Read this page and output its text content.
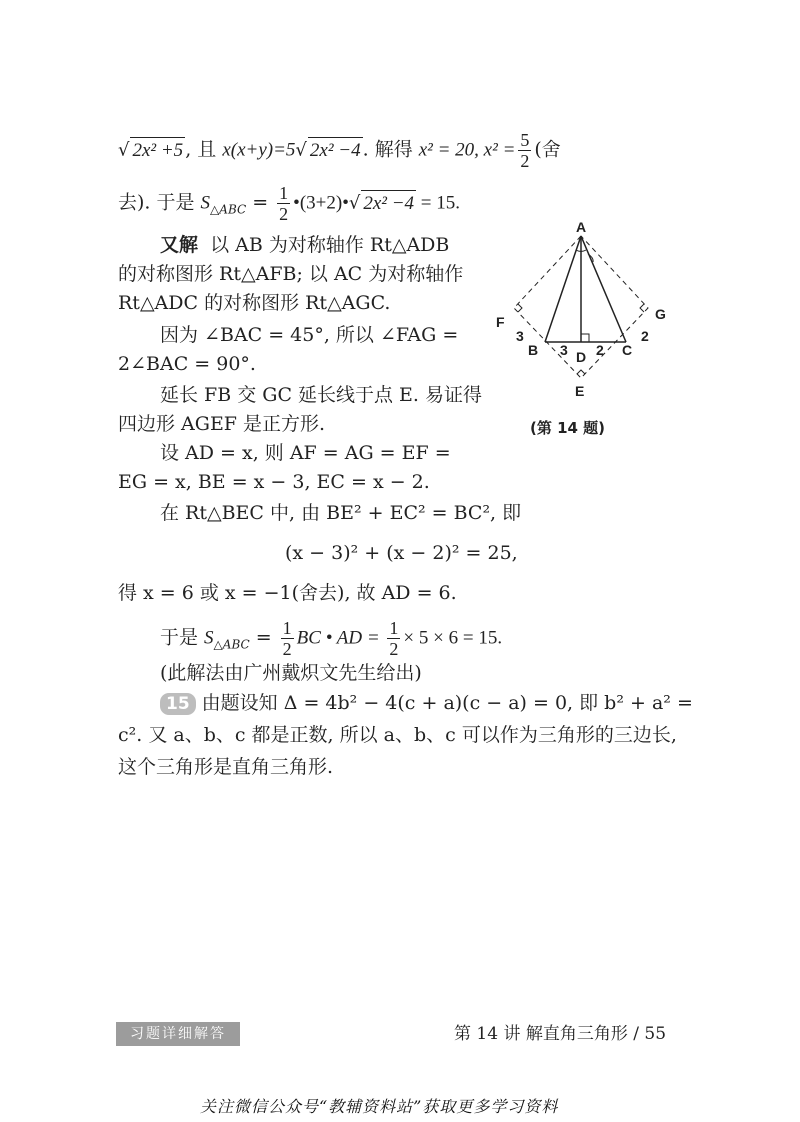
√ 2x² +5 , 且 x(x+y)=5√ 2x² −4 . 解得 x² = 20, $x^2 = \frac{5}{2}$ (舍
去). 于是 $S_{\triangle ABC} = \frac{1}{2}$ •(3+2)•√ 2x² −4 = 15.
又解 以 AB 为对称轴作 Rt△ADB
的对称图形 Rt△AFB; 以 AC 为对称轴作
Rt△ADC 的对称图形 Rt△AGC.
因为 ∠BAC = 45°, 所以 ∠FAG =
2∠BAC = 90°.
延长 FB 交 GC 延长线于点 E. 易证得
四边形 AGEF 是正方形.
设 AD = x, 则 AF = AG = EF =
EG = x, BE = x − 3, EC = x − 2.
在 Rt△BEC 中, 由 BE² + EC² = BC², 即
(x − 3)² + (x − 2)² = 25,
得 x = 6 或 x = −1(舍去), 故 AD = 6.
于是 $S_{\triangle ABC} = \frac{1}{2}$ BC • AD = $\frac{1}{2} \times 5 \times 6 = 15$.
(此解法由广州戴炽文先生给出)
15 由题设知 Δ = 4b² − 4(c + a)(c − a) = 0, 即 b² + a² =
c². 又 a、b、c 都是正数, 所以 a、b、c 可以作为三角形的三边长,
这个三角形是直角三角形.
A
F	G
B	C
D
E
3
3 2
2
(第 14 题)
习题详细解答	第 14 讲 解直角三角形 / 55
关注微信公众号“教辅资料站”获取更多学习资料
